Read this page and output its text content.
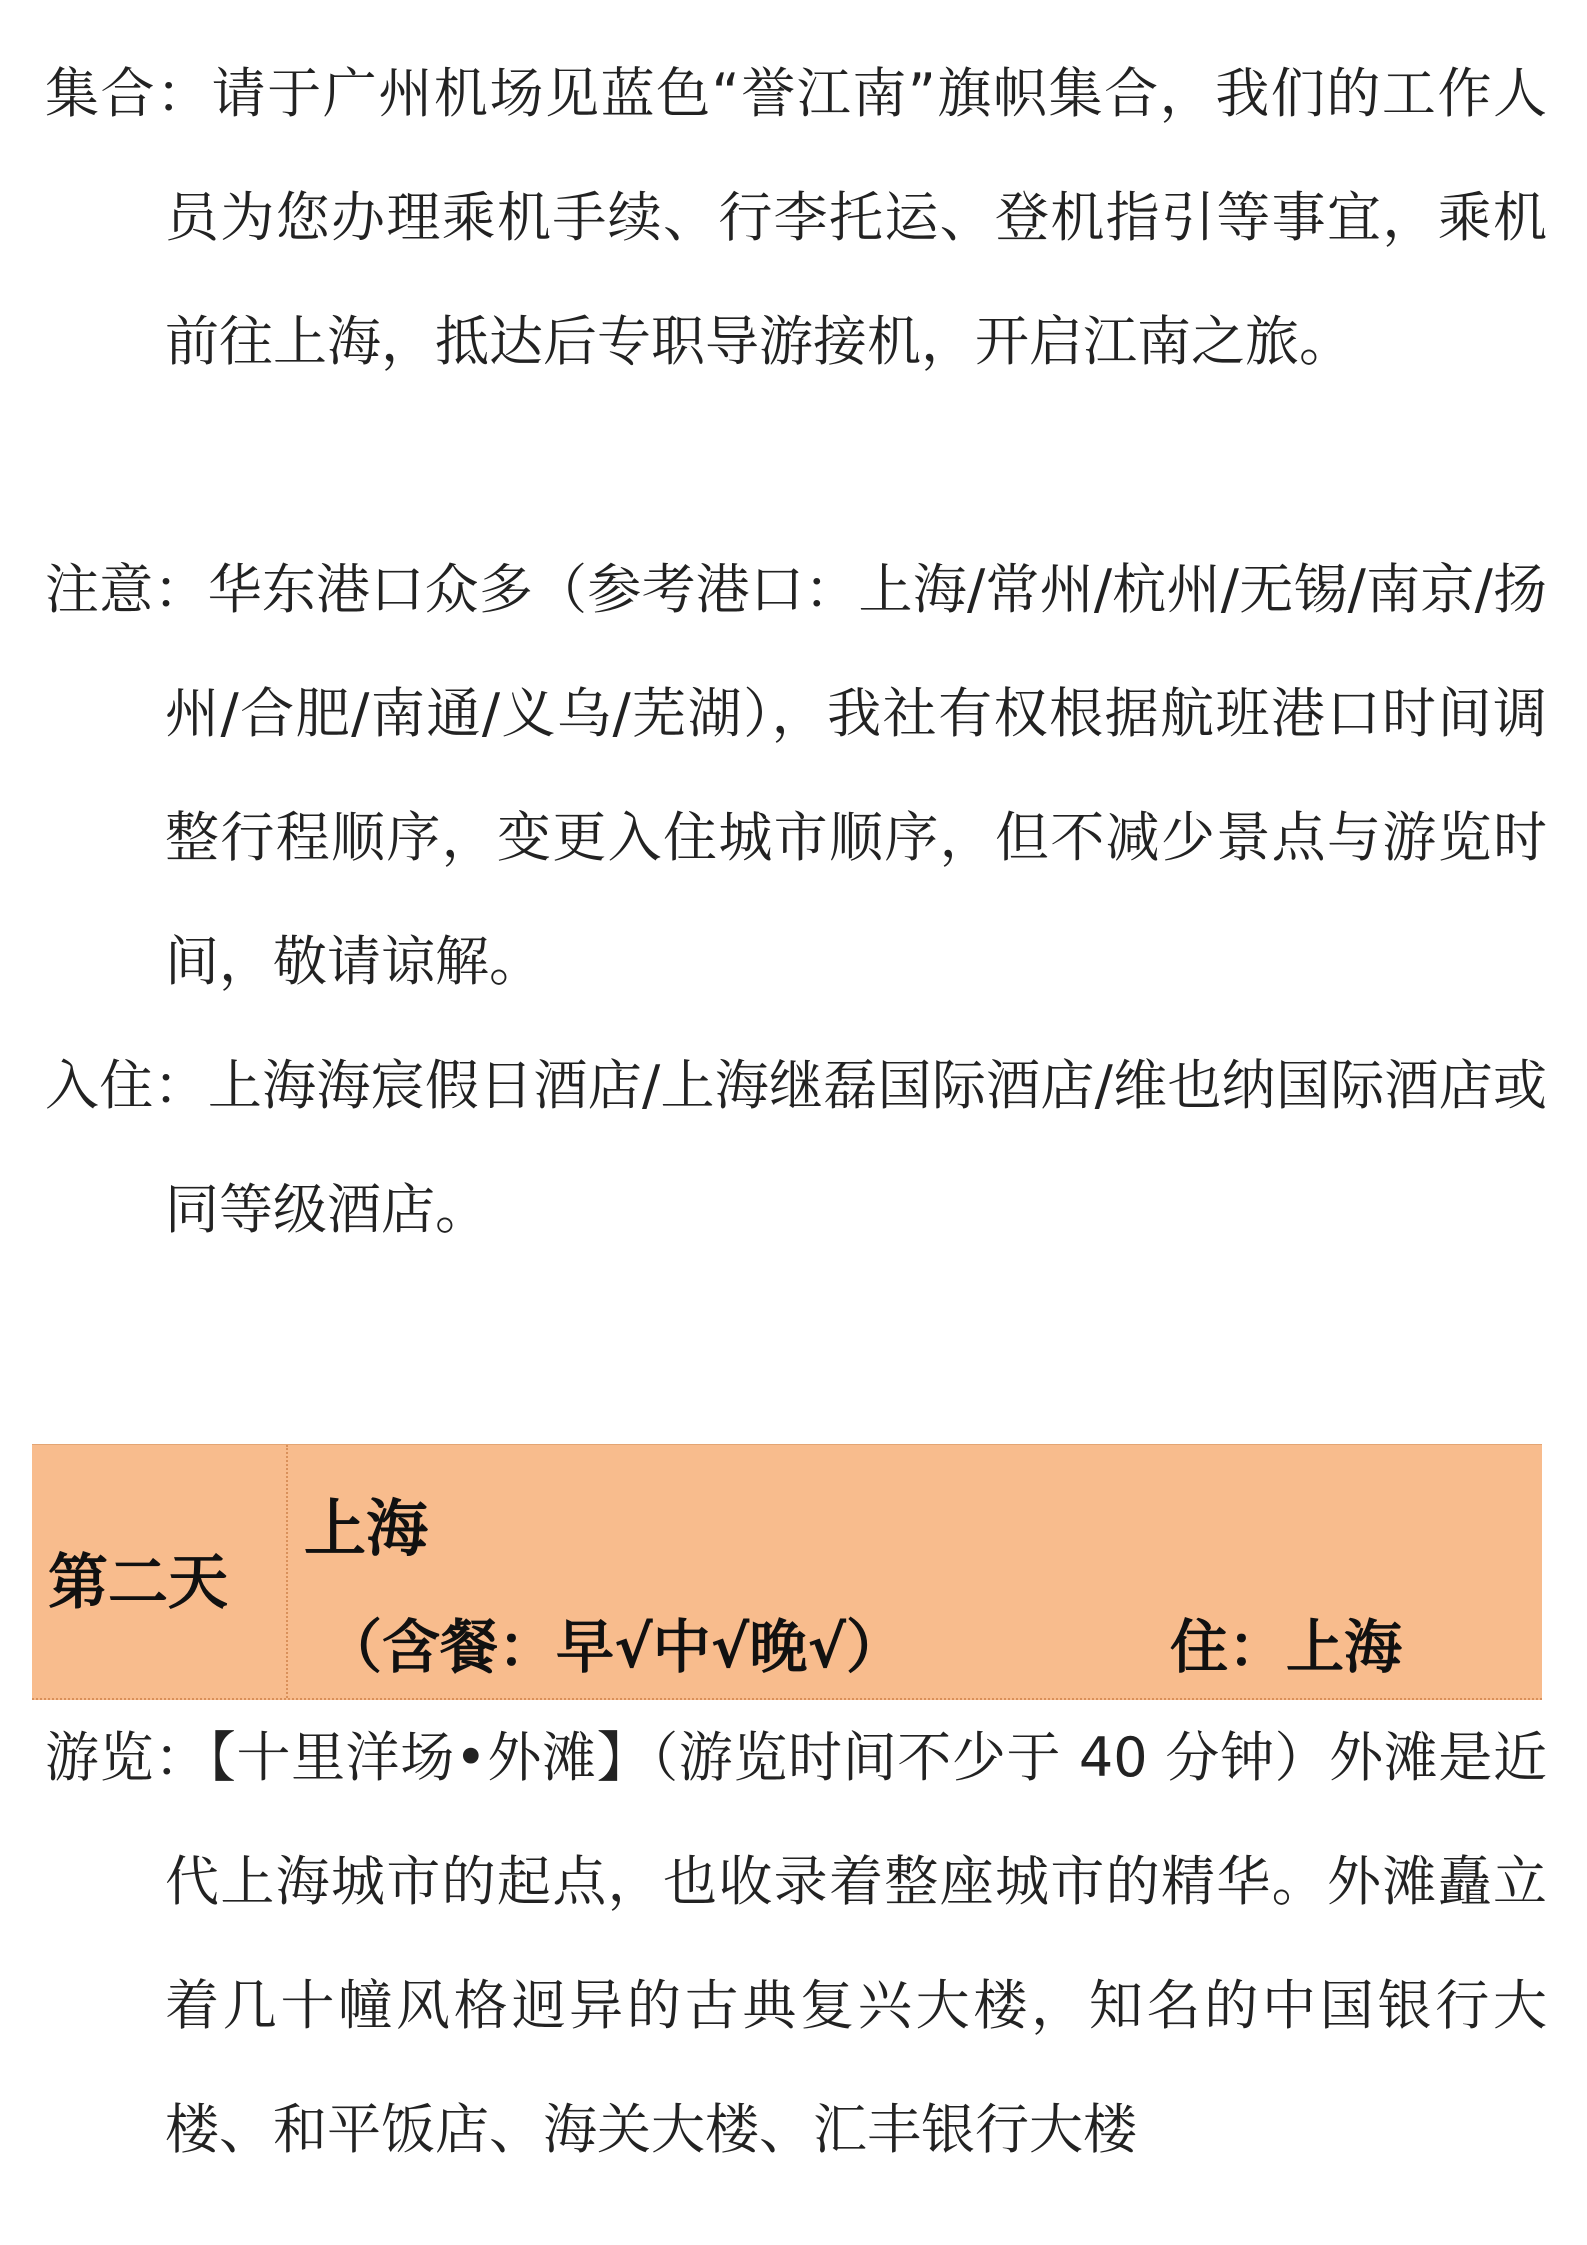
集合：请于广州机场见蓝色“誉江南”旗帜集合，我们的工作人员为您办理乘机手续、行李托运、登机指引等事宜，乘机前往上海，抵达后专职导游接机，开启江南之旅。
注意：华东港口众多（参考港口：上海/常州/杭州/无锡/南京/扬州/合肥/南通/义乌/芜湖），我社有权根据航班港口时间调整行程顺序，变更入住城市顺序，但不减少景点与游览时间，敬请谅解。
入住：上海海宸假日酒店/上海继磊国际酒店/维也纳国际酒店或同等级酒店。
第二天
上海
（含餐：早√中√晚√）	住：上海
游览：【十里洋场•外滩】（游览时间不少于 40 分钟）外滩是近代上海城市的起点，也收录着整座城市的精华。外滩矗立着几十幢风格迥异的古典复兴大楼，知名的中国银行大楼、和平饭店、海关大楼、汇丰银行大楼
